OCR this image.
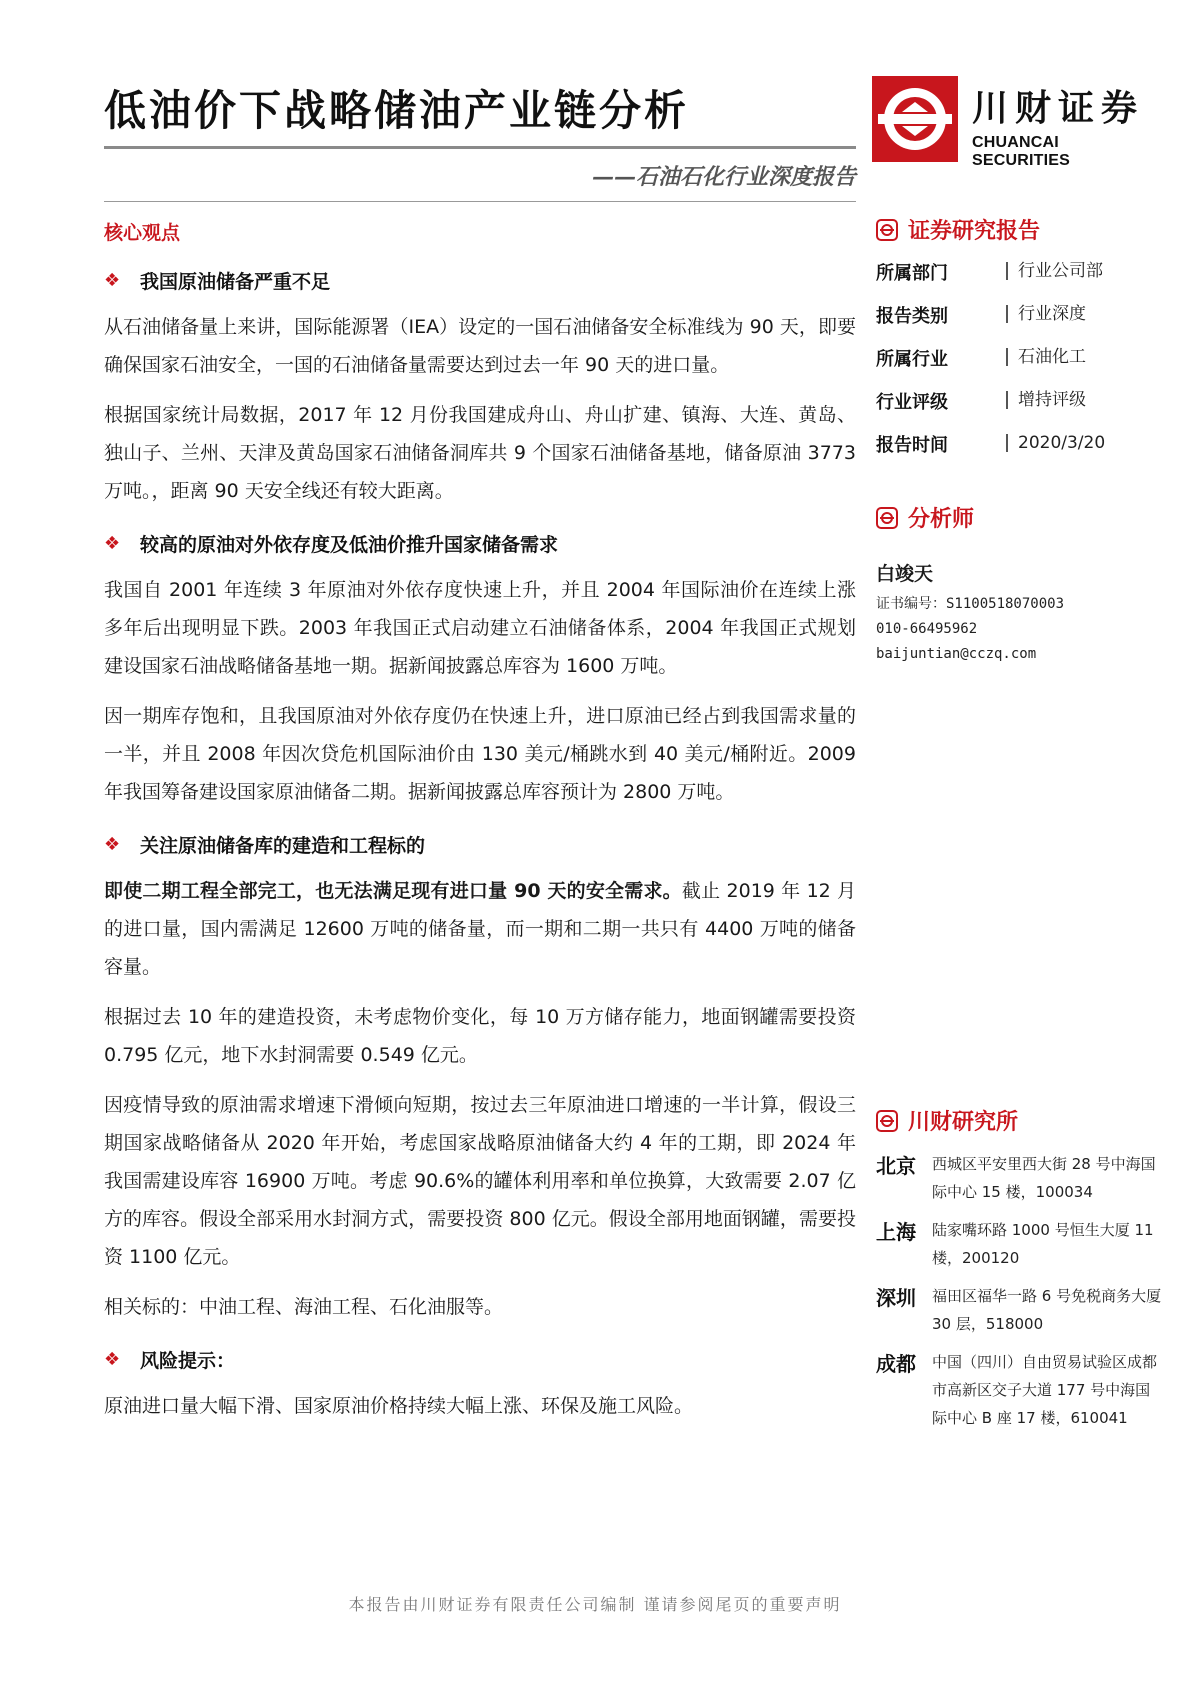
低油价下战略储油产业链分析
——石油石化行业深度报告
川财证券
CHUANCAI SECURITIES
核心观点
❖	我国原油储备严重不足

从石油储备量上来讲，国际能源署（IEA）设定的一国石油储备安全标准线为 90 天，即要确保国家石油安全，一国的石油储备量需要达到过去一年 90 天的进口量。

根据国家统计局数据，2017 年 12 月份我国建成舟山、舟山扩建、镇海、大连、黄岛、独山子、兰州、天津及黄岛国家石油储备洞库共 9 个国家石油储备基地，储备原油 3773 万吨。，距离 90 天安全线还有较大距离。

❖	较高的原油对外依存度及低油价推升国家储备需求

我国自 2001 年连续 3 年原油对外依存度快速上升，并且 2004 年国际油价在连续上涨多年后出现明显下跌。2003 年我国正式启动建立石油储备体系，2004 年我国正式规划建设国家石油战略储备基地一期。据新闻披露总库容为 1600 万吨。

因一期库存饱和，且我国原油对外依存度仍在快速上升，进口原油已经占到我国需求量的一半，并且 2008 年因次贷危机国际油价由 130 美元/桶跳水到 40 美元/桶附近。2009 年我国筹备建设国家原油储备二期。据新闻披露总库容预计为 2800 万吨。

❖	关注原油储备库的建造和工程标的

即使二期工程全部完工，也无法满足现有进口量 90 天的安全需求。截止 2019 年 12 月的进口量，国内需满足 12600 万吨的储备量，而一期和二期一共只有 4400 万吨的储备容量。

根据过去 10 年的建造投资，未考虑物价变化，每 10 万方储存能力，地面钢罐需要投资 0.795 亿元，地下水封洞需要 0.549 亿元。

因疫情导致的原油需求增速下滑倾向短期，按过去三年原油进口增速的一半计算，假设三期国家战略储备从 2020 年开始，考虑国家战略原油储备大约 4 年的工期，即 2024 年我国需建设库容 16900 万吨。考虑 90.6%的罐体利用率和单位换算，大致需要 2.07 亿方的库容。假设全部采用水封洞方式，需要投资 800 亿元。假设全部用地面钢罐，需要投资 1100 亿元。

相关标的：中油工程、海油工程、石化油服等。

❖	风险提示：

原油进口量大幅下滑、国家原油价格持续大幅上涨、环保及施工风险。

证券研究报告
所属部门	行业公司部
报告类别	行业深度
所属行业	石油化工
行业评级	增持评级
报告时间	2020/3/20
分析师
白竣天
证书编号：S1100518070003
010-66495962
baijuntian@cczq.com
川财研究所
北京	西城区平安里西大街 28 号中海国际中心 15 楼，100034
上海	陆家嘴环路 1000 号恒生大厦 11 楼，200120
深圳	福田区福华一路 6 号免税商务大厦 30 层，518000
成都	中国（四川）自由贸易试验区成都市高新区交子大道 177 号中海国际中心 B 座 17 楼，610041
本报告由川财证券有限责任公司编制 谨请参阅尾页的重要声明
